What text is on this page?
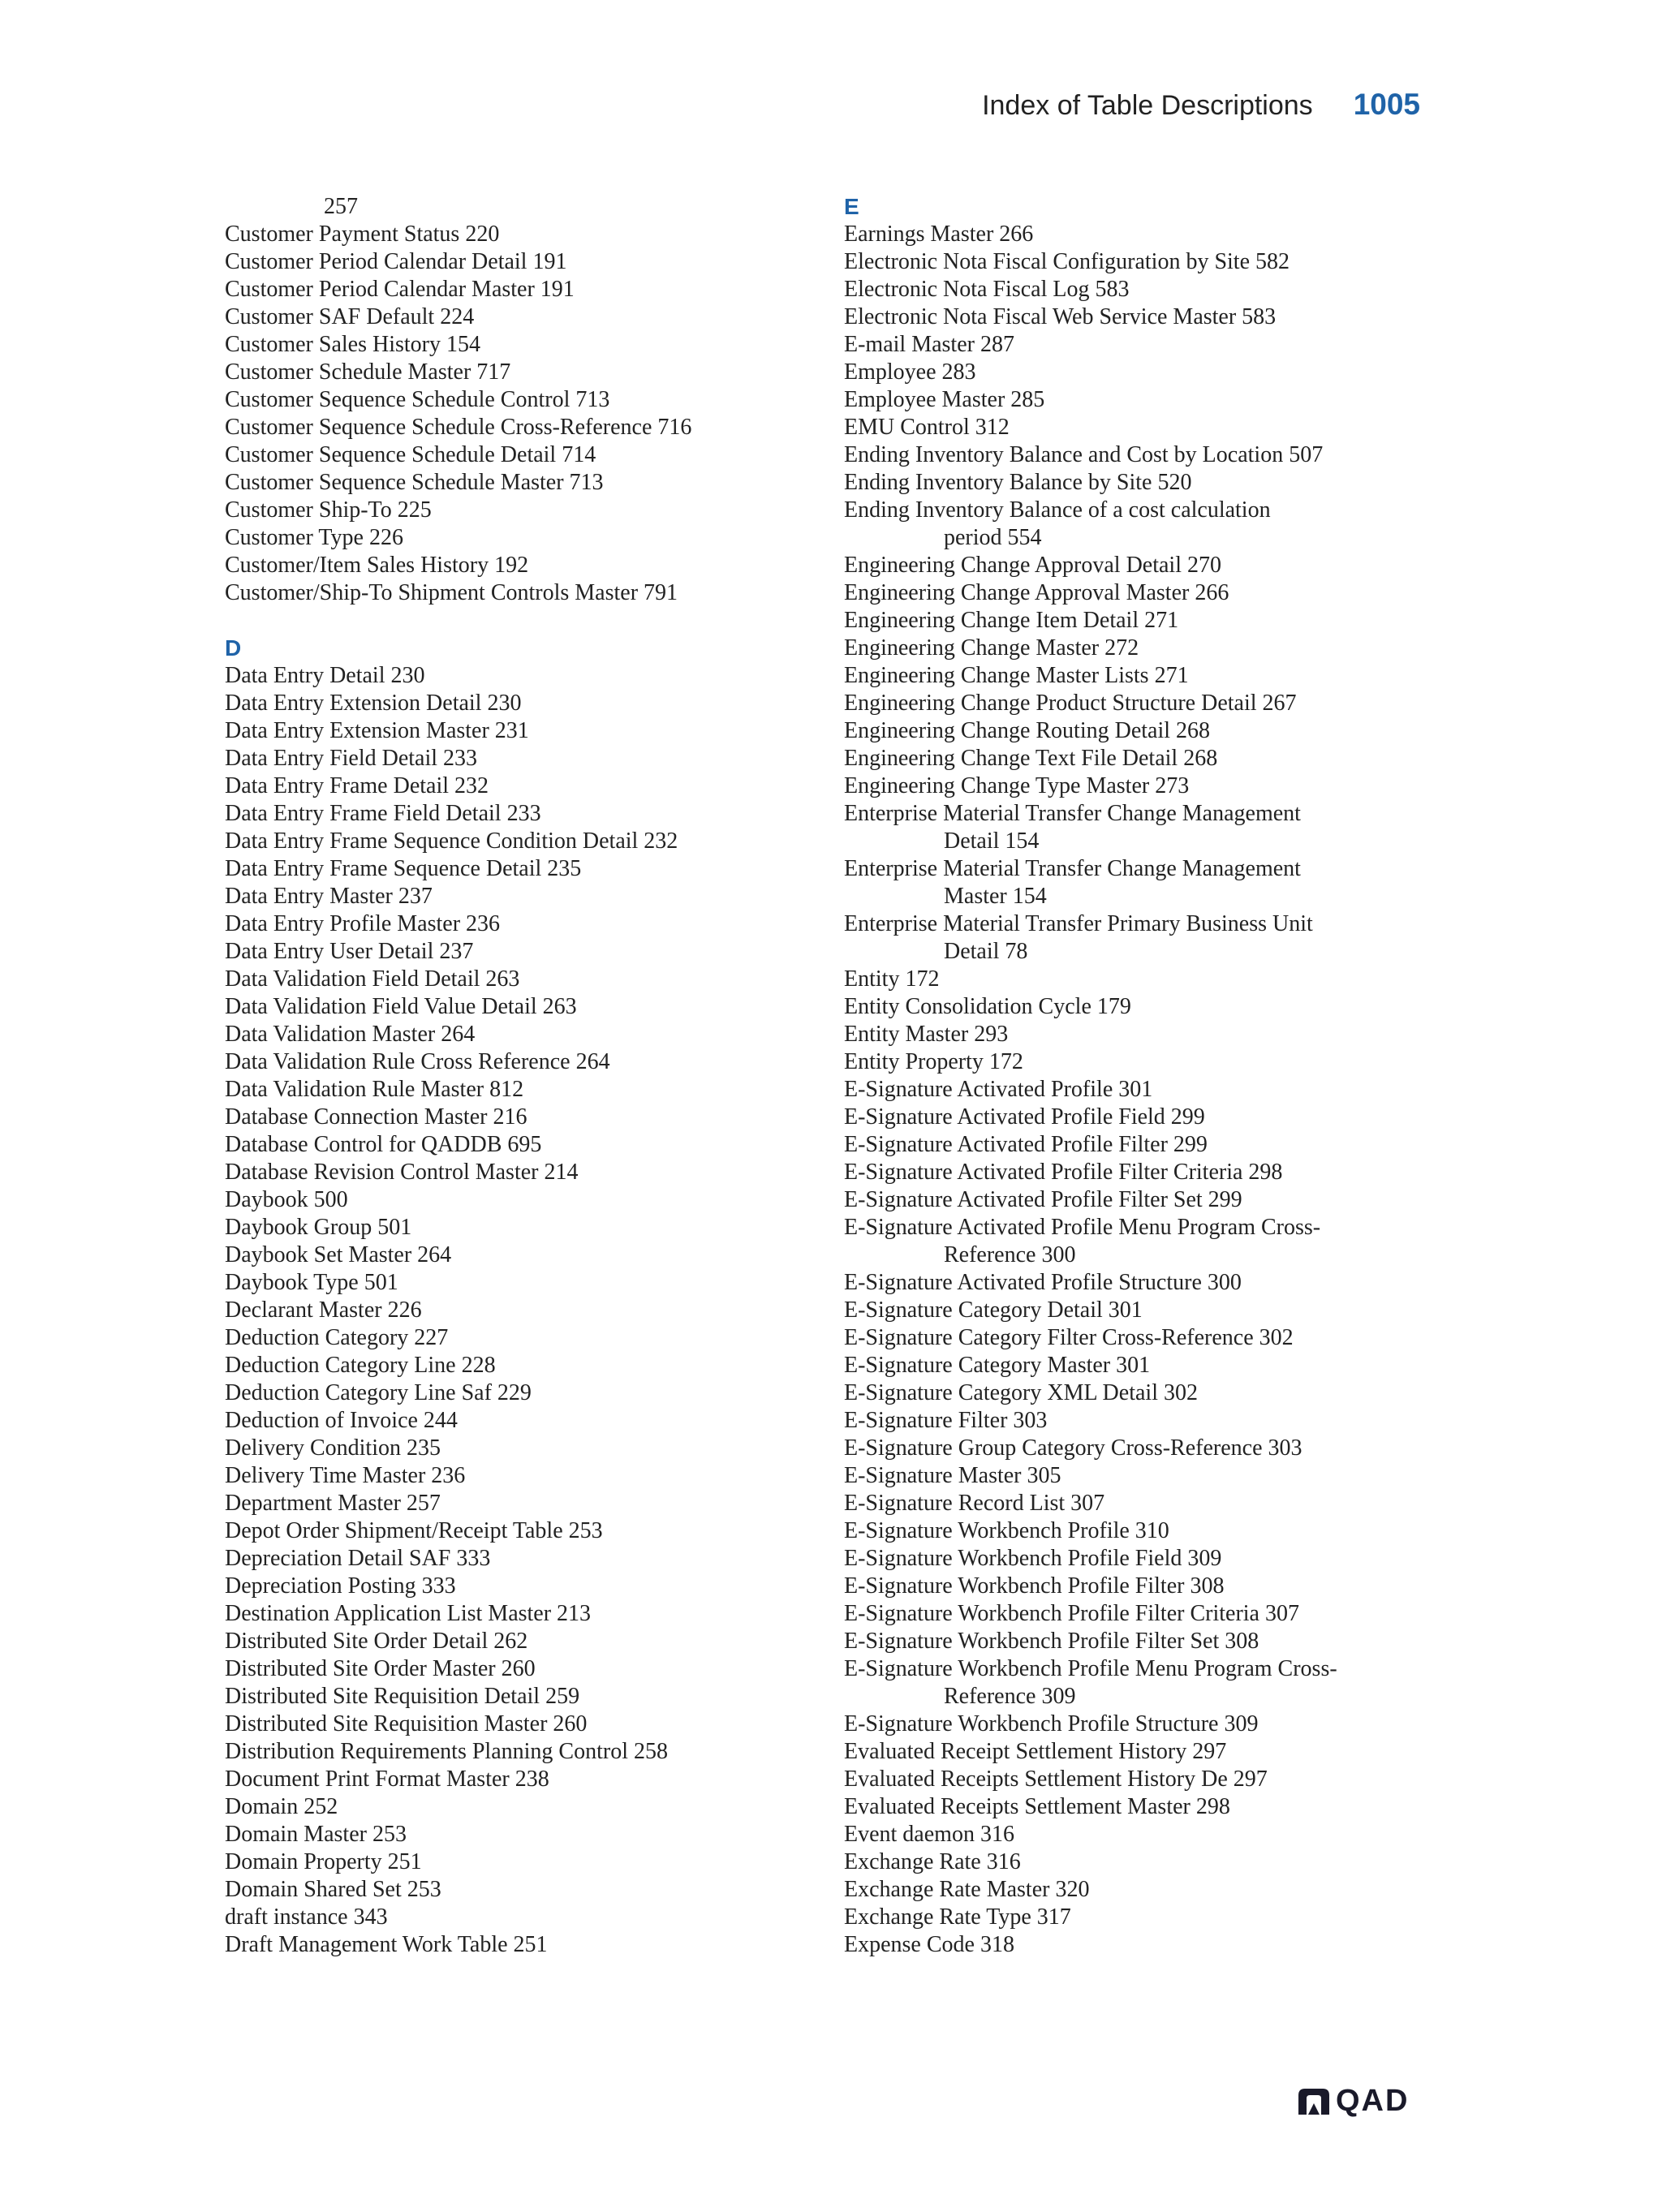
Index of Table Descriptions 1005

257

Customer Payment Status 220

Customer Period Calendar Detail 191

Customer Period Calendar Master 191

Customer SAF Default 224

Customer Sales History 154

Customer Schedule Master 717

Customer Sequence Schedule Control 713

Customer Sequence Schedule Cross-Reference 716

Customer Sequence Schedule Detail 714

Customer Sequence Schedule Master 713

Customer Ship-To 225

Customer Type 226

Customer/Item Sales History 192

Customer/Ship-To Shipment Controls Master 791

D

Data Entry Detail 230

Data Entry Extension Detail 230

Data Entry Extension Master 231

Data Entry Field Detail 233

Data Entry Frame Detail 232

Data Entry Frame Field Detail 233

Data Entry Frame Sequence Condition Detail 232

Data Entry Frame Sequence Detail 235

Data Entry Master 237

Data Entry Profile Master 236

Data Entry User Detail 237

Data Validation Field Detail 263

Data Validation Field Value Detail 263

Data Validation Master 264

Data Validation Rule Cross Reference 264

Data Validation Rule Master 812

Database Connection Master 216

Database Control for QADDB 695

Database Revision Control Master 214

Daybook 500

Daybook Group 501

Daybook Set Master 264

Daybook Type 501

Declarant Master 226

Deduction Category 227

Deduction Category Line 228

Deduction Category Line Saf 229

Deduction of Invoice 244

Delivery Condition 235

Delivery Time Master 236

Department Master 257

Depot Order Shipment/Receipt Table 253

Depreciation Detail SAF 333

Depreciation Posting 333

Destination Application List Master 213

Distributed Site Order Detail 262

Distributed Site Order Master 260

Distributed Site Requisition Detail 259

Distributed Site Requisition Master 260

Distribution Requirements Planning Control 258

Document Print Format Master 238

Domain 252

Domain Master 253

Domain Property 251

Domain Shared Set 253

draft instance 343

Draft Management Work Table 251

E

Earnings Master 266

Electronic Nota Fiscal Configuration by Site 582

Electronic Nota Fiscal Log 583

Electronic Nota Fiscal Web Service Master 583

E-mail Master 287

Employee 283

Employee Master 285

EMU Control 312

Ending Inventory Balance and Cost by Location 507

Ending Inventory Balance by Site 520

Ending Inventory Balance of a cost calculation

period 554

Engineering Change Approval Detail 270

Engineering Change Approval Master 266

Engineering Change Item Detail 271

Engineering Change Master 272

Engineering Change Master Lists 271

Engineering Change Product Structure Detail 267

Engineering Change Routing Detail 268

Engineering Change Text File Detail 268

Engineering Change Type Master 273

Enterprise Material Transfer Change Management

Detail 154

Enterprise Material Transfer Change Management

Master 154

Enterprise Material Transfer Primary Business Unit

Detail 78

Entity 172

Entity Consolidation Cycle 179

Entity Master 293

Entity Property 172

E-Signature Activated Profile 301

E-Signature Activated Profile Field 299

E-Signature Activated Profile Filter 299

E-Signature Activated Profile Filter Criteria 298

E-Signature Activated Profile Filter Set 299

E-Signature Activated Profile Menu Program Cross-

Reference 300

E-Signature Activated Profile Structure 300

E-Signature Category Detail 301

E-Signature Category Filter Cross-Reference 302

E-Signature Category Master 301

E-Signature Category XML Detail 302

E-Signature Filter 303

E-Signature Group Category Cross-Reference 303

E-Signature Master 305

E-Signature Record List 307

E-Signature Workbench Profile 310

E-Signature Workbench Profile Field 309

E-Signature Workbench Profile Filter 308

E-Signature Workbench Profile Filter Criteria 307

E-Signature Workbench Profile Filter Set 308

E-Signature Workbench Profile Menu Program Cross-

Reference 309

E-Signature Workbench Profile Structure 309

Evaluated Receipt Settlement History 297

Evaluated Receipts Settlement History De 297

Evaluated Receipts Settlement Master 298

Event daemon 316

Exchange Rate 316

Exchange Rate Master 320

Exchange Rate Type 317

Expense Code 318

QAD
